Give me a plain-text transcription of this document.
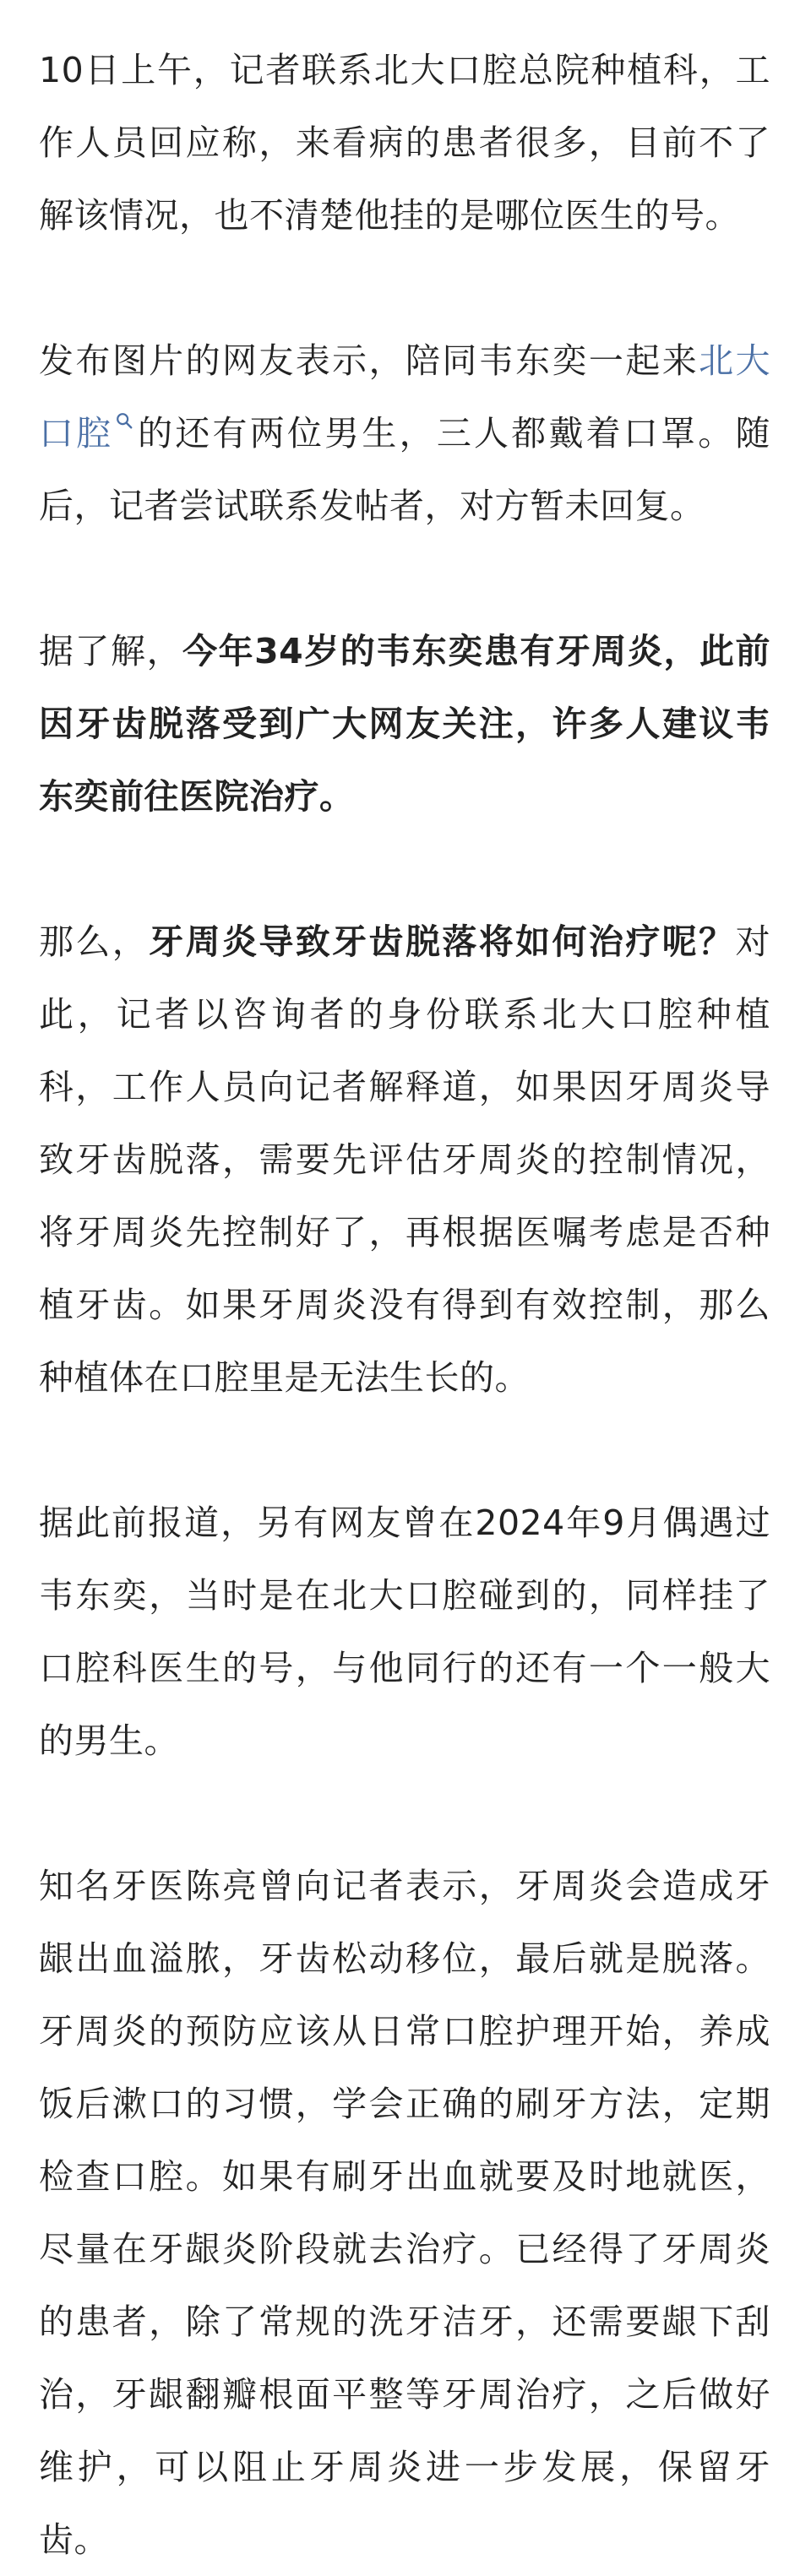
10日上午，记者联系北大口腔总院种植科，工作人员回应称，来看病的患者很多，目前不了解该情况，也不清楚他挂的是哪位医生的号。

发布图片的网友表示，陪同韦东奕一起来北大口腔 的还有两位男生，三人都戴着口罩。随后，记者尝试联系发帖者，对方暂未回复。

据了解，今年34岁的韦东奕患有牙周炎，此前因牙齿脱落受到广大网友关注，许多人建议韦东奕前往医院治疗。

那么，牙周炎导致牙齿脱落将如何治疗呢？对此，记者以咨询者的身份联系北大口腔种植科，工作人员向记者解释道，如果因牙周炎导致牙齿脱落，需要先评估牙周炎的控制情况，将牙周炎先控制好了，再根据医嘱考虑是否种植牙齿。如果牙周炎没有得到有效控制，那么种植体在口腔里是无法生长的。

据此前报道，另有网友曾在2024年9月偶遇过韦东奕，当时是在北大口腔碰到的，同样挂了口腔科医生的号，与他同行的还有一个一般大的男生。

知名牙医陈亮曾向记者表示，牙周炎会造成牙龈出血溢脓，牙齿松动移位，最后就是脱落。牙周炎的预防应该从日常口腔护理开始，养成饭后漱口的习惯，学会正确的刷牙方法，定期检查口腔。如果有刷牙出血就要及时地就医，尽量在牙龈炎阶段就去治疗。已经得了牙周炎的患者，除了常规的洗牙洁牙，还需要龈下刮治，牙龈翻瓣根面平整等牙周治疗，之后做好维护，可以阻止牙周炎进一步发展，保留牙齿。
